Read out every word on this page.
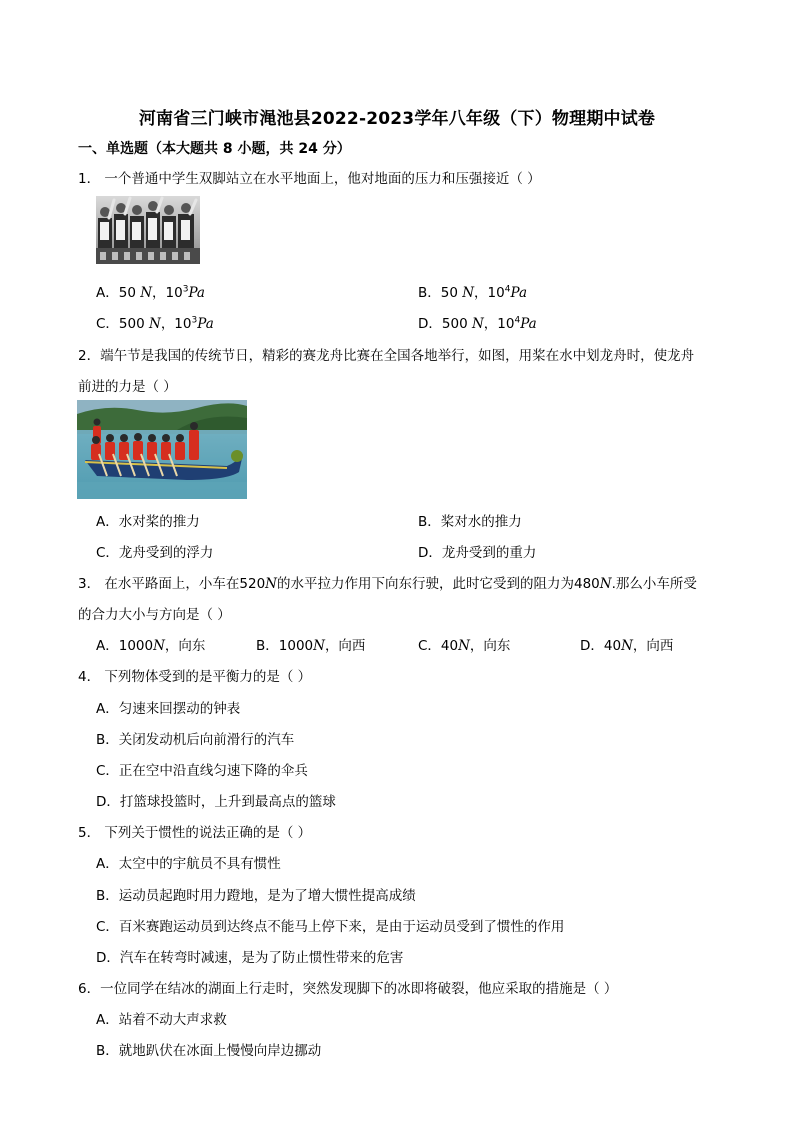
河南省三门峡市渑池县2022-2023学年八年级（下）物理期中试卷
一、单选题（本大题共 8 小题，共 24 分）
1． 一个普通中学生双脚站立在水平地面上，他对地面的压力和压强接近（ ）
A．50 N，$10^3Pa$	B．50 N，$10^4Pa$
C．500 N，$10^3Pa$	D．500 N，$10^4Pa$
2．端午节是我国的传统节日，精彩的赛龙舟比赛在全国各地举行，如图，用桨在水中划龙舟时，使龙舟
前进的力是（ ）
A．水对桨的推力	B．桨对水的推力
C．龙舟受到的浮力	D．龙舟受到的重力
3． 在水平路面上，小车在520N的水平拉力作用下向东行驶，此时它受到的阻力为480N.那么小车所受
的合力大小与方向是（ ）
A．1000N，向东	B．1000N，向西	C．40N，向东	D．40N，向西
4． 下列物体受到的是平衡力的是（ ）
A．匀速来回摆动的钟表
B．关闭发动机后向前滑行的汽车
C．正在空中沿直线匀速下降的伞兵
D．打篮球投篮时，上升到最高点的篮球
5． 下列关于惯性的说法正确的是（ ）
A．太空中的宇航员不具有惯性
B．运动员起跑时用力蹬地，是为了增大惯性提高成绩
C．百米赛跑运动员到达终点不能马上停下来，是由于运动员受到了惯性的作用
D．汽车在转弯时减速，是为了防止惯性带来的危害
6．一位同学在结冰的湖面上行走时，突然发现脚下的冰即将破裂，他应采取的措施是（ ）
A．站着不动大声求救
B．就地趴伏在冰面上慢慢向岸边挪动
